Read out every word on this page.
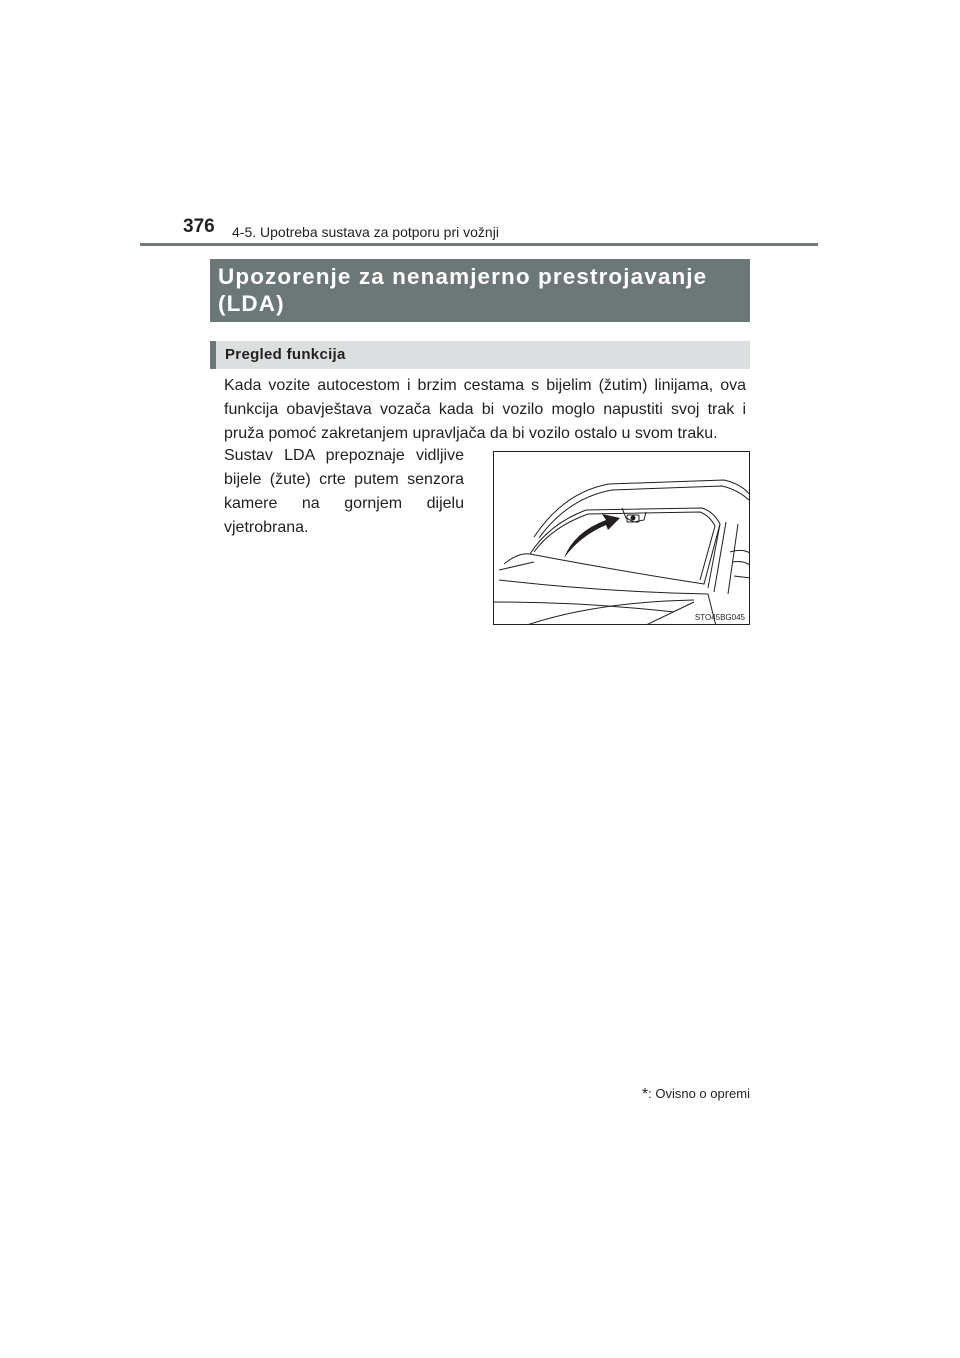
376 4-5. Upotreba sustava za potporu pri vožnji

Upozorenje za nenamjerno prestrojavanje
(LDA)

Pregled funkcija

Kada vozite autocestom i brzim cestama s bijelim (žutim) linijama, ova funkcija obavještava vozača kada bi vozilo moglo napustiti svoj trak i pruža pomoć zakretanjem upravljača da bi vozilo ostalo u svom traku.

Sustav LDA prepoznaje vidljive bijele (žute) crte putem senzora kamere na gornjem dijelu vjetrobrana.

STO45BG045
*: Ovisno o opremi
